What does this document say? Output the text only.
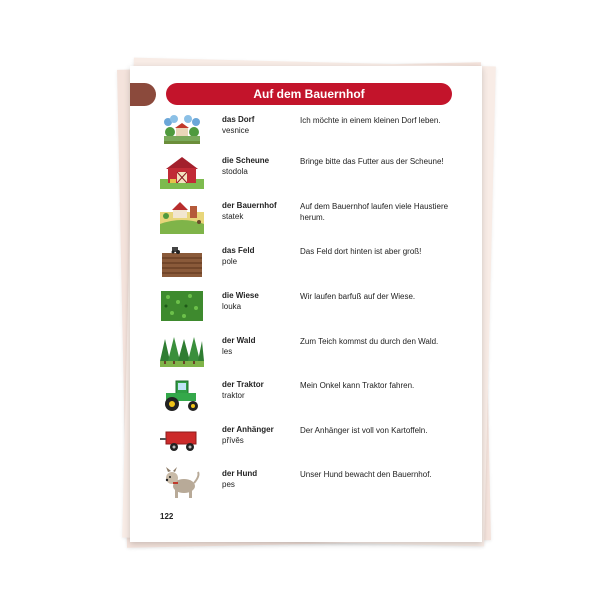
Auf dem Bauernhof
das Dorf
vesnice
Ich möchte in einem kleinen Dorf leben.
die Scheune
stodola
Bringe bitte das Futter aus der Scheune!
der Bauernhof
statek
Auf dem Bauernhof laufen viele Haustiere herum.
das Feld
pole
Das Feld dort hinten ist aber groß!
die Wiese
louka
Wir laufen barfuß auf der Wiese.
der Wald
les
Zum Teich kommst du durch den Wald.
der Traktor
traktor
Mein Onkel kann Traktor fahren.
der Anhänger
přívěs
Der Anhänger ist voll von Kartoffeln.
der Hund
pes
Unser Hund bewacht den Bauernhof.
122
